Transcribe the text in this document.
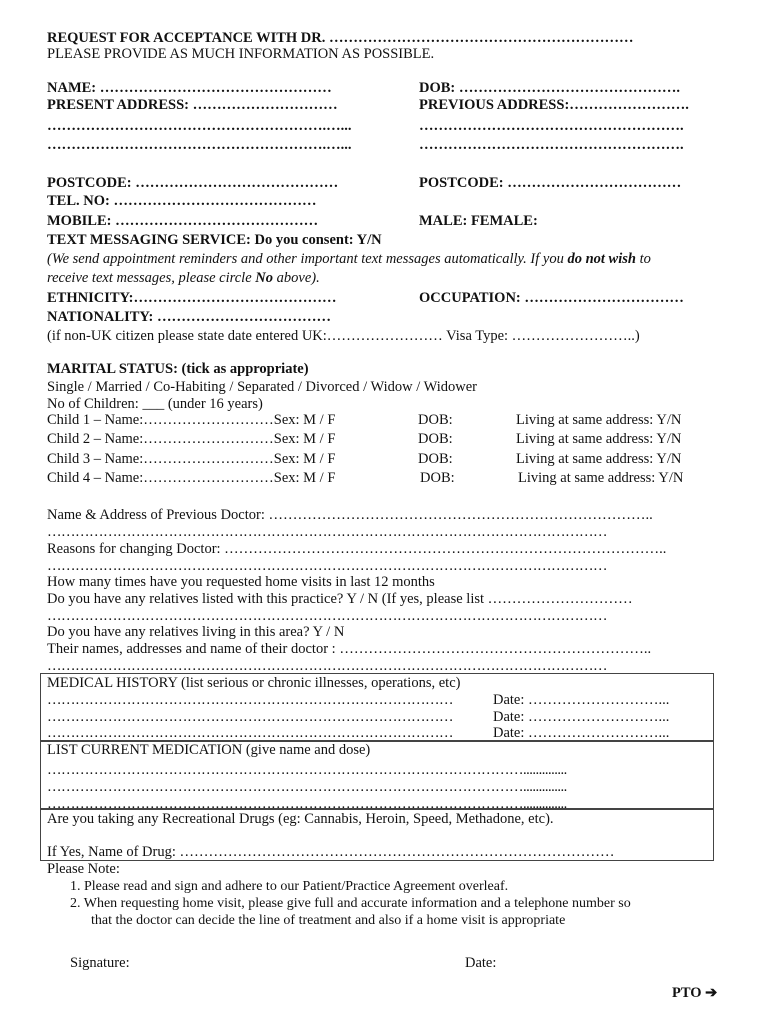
REQUEST FOR ACCEPTANCE WITH DR. ………………………………………………………
PLEASE PROVIDE AS MUCH INFORMATION AS POSSIBLE.
NAME: …………………………………………	DOB: ……………………………………….
PRESENT ADDRESS: …………………………	PREVIOUS ADDRESS:…………………….
………………………………………………….…...	……………………………………………….
………………………………………………….…...	……………………………………………….
POSTCODE: ……………………………………	POSTCODE: ………………………………
TEL. NO: ……………………………………
MOBILE: ……………………………………	MALE: FEMALE:
TEXT MESSAGING SERVICE: Do you consent: Y/N
(We send appointment reminders and other important text messages automatically. If you do not wish to
receive text messages, please circle No above).
ETHNICITY:……………………………………	OCCUPATION: ……………………………
NATIONALITY: ………………………………
(if non-UK citizen please state date entered UK:…………………… Visa Type: ……………………..)
MARITAL STATUS: (tick as appropriate)
Single / Married / Co-Habiting / Separated / Divorced / Widow / Widower
No of Children: ___ (under 16 years)
Child 1 – Name:………………………Sex: M / F	DOB:	Living at same address: Y/N
Child 2 – Name:………………………Sex: M / F	DOB:	Living at same address: Y/N
Child 3 – Name:………………………Sex: M / F	DOB:	Living at same address: Y/N
Child 4 – Name:………………………Sex: M / F	DOB:	Living at same address: Y/N
Name & Address of Previous Doctor: ……………………………………………………………………..
…………………………………………………………………………………………………………
Reasons for changing Doctor: ………………………………………………………………………………..
…………………………………………………………………………………………………………
How many times have you requested home visits in last 12 months
Do you have any relatives listed with this practice? Y / N (If yes, please list …………………………
…………………………………………………………………………………………………………
Do you have any relatives living in this area? Y / N
Their names, addresses and name of their doctor : ………………………………………………………..
…………………………………………………………………………………………………………
MEDICAL HISTORY (list serious or chronic illnesses, operations, etc)
……………………………………………………………………………	Date: ………………………...
……………………………………………………………………………	Date: ………………………...
……………………………………………………………………………	Date: ………………………...
LIST CURRENT MEDICATION (give name and dose)
…………………………………………………………………………………………..............
…………………………………………………………………………………………..............
…………………………………………………………………………………………..............
Are you taking any Recreational Drugs (eg: Cannabis, Heroin, Speed, Methadone, etc).
If Yes, Name of Drug: ………………………………………………………………………………
Please Note:
1. Please read and sign and adhere to our Patient/Practice Agreement overleaf.
2. When requesting home visit, please give full and accurate information and a telephone number so
that the doctor can decide the line of treatment and also if a home visit is appropriate
Signature:	Date:
PTO ➔
